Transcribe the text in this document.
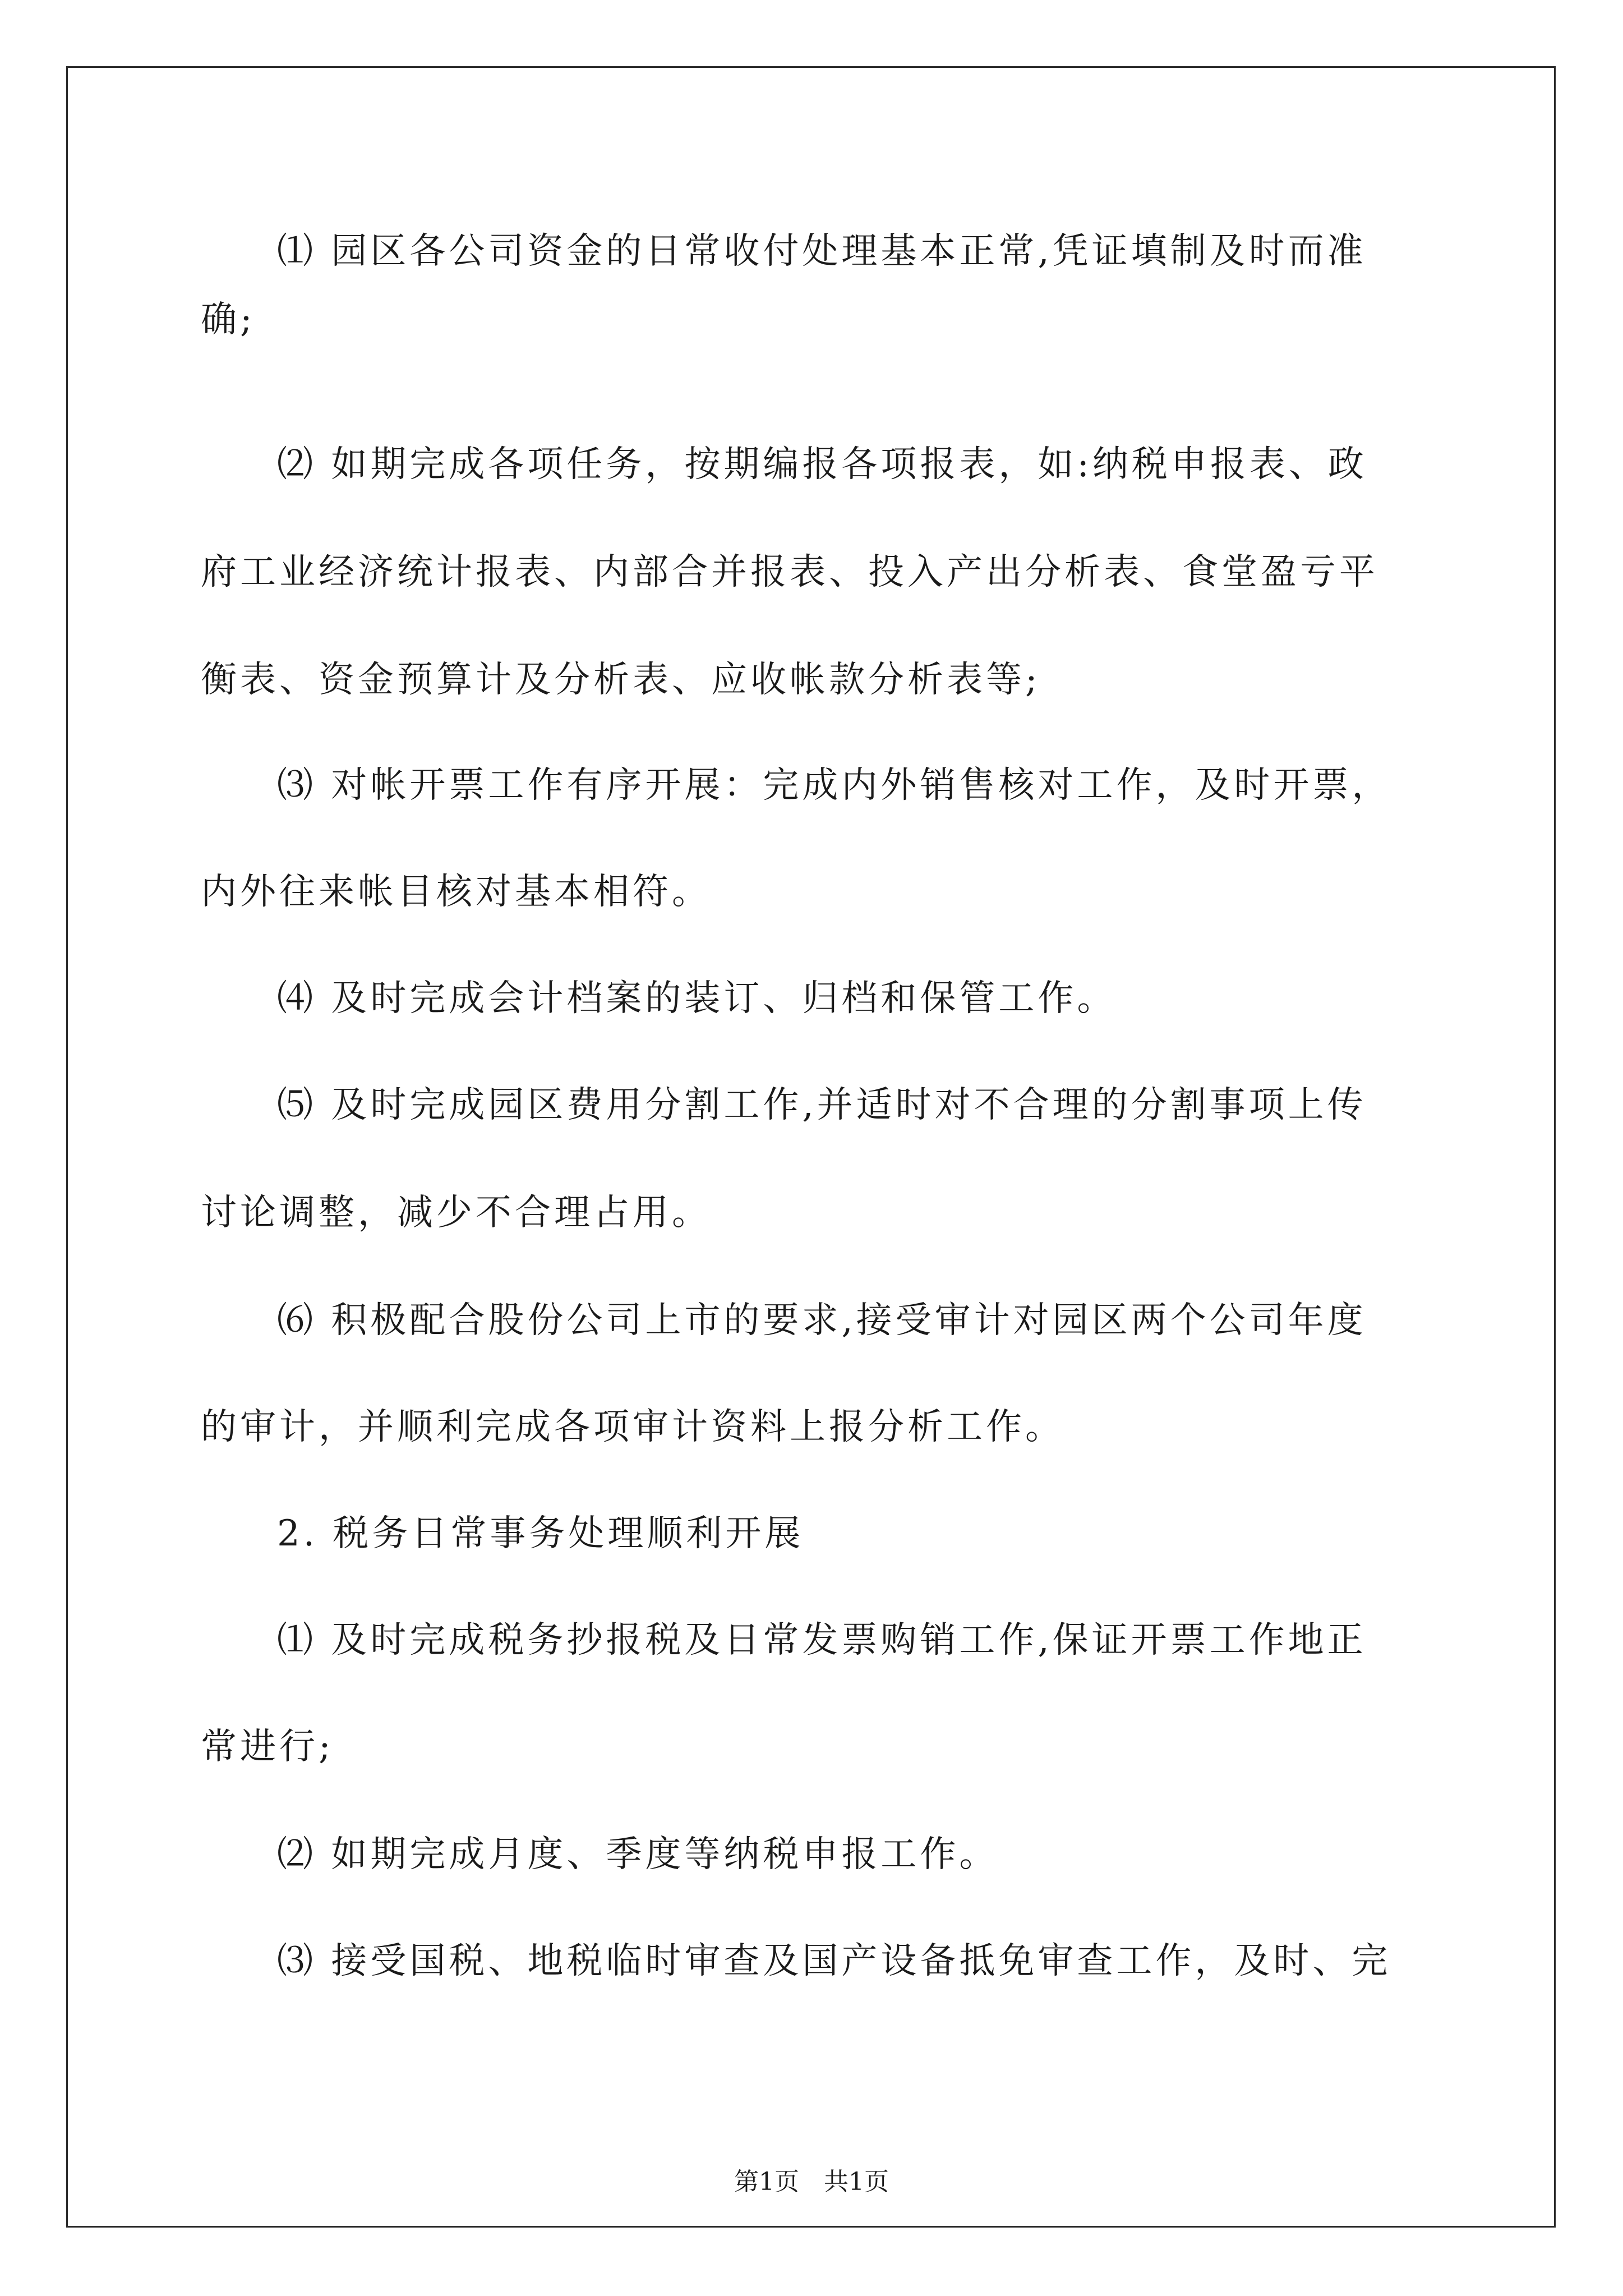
⑴ 园区各公司资金的日常收付处理基本正常,凭证填制及时而准

确;

⑵ 如期完成各项任务，按期编报各项报表，如:纳税申报表、政

府工业经济统计报表、内部合并报表、投入产出分析表、食堂盈亏平

衡表、资金预算计及分析表、应收帐款分析表等;

⑶ 对帐开票工作有序开展：完成内外销售核对工作，及时开票，

内外往来帐目核对基本相符。

⑷ 及时完成会计档案的装订、归档和保管工作。

⑸ 及时完成园区费用分割工作,并适时对不合理的分割事项上传

讨论调整，减少不合理占用。

⑹ 积极配合股份公司上市的要求,接受审计对园区两个公司年度

的审计，并顺利完成各项审计资料上报分析工作。

2. 税务日常事务处理顺利开展

⑴ 及时完成税务抄报税及日常发票购销工作,保证开票工作地正

常进行;

⑵ 如期完成月度、季度等纳税申报工作。

⑶ 接受国税、地税临时审查及国产设备抵免审查工作，及时、完

第1页　共1页
